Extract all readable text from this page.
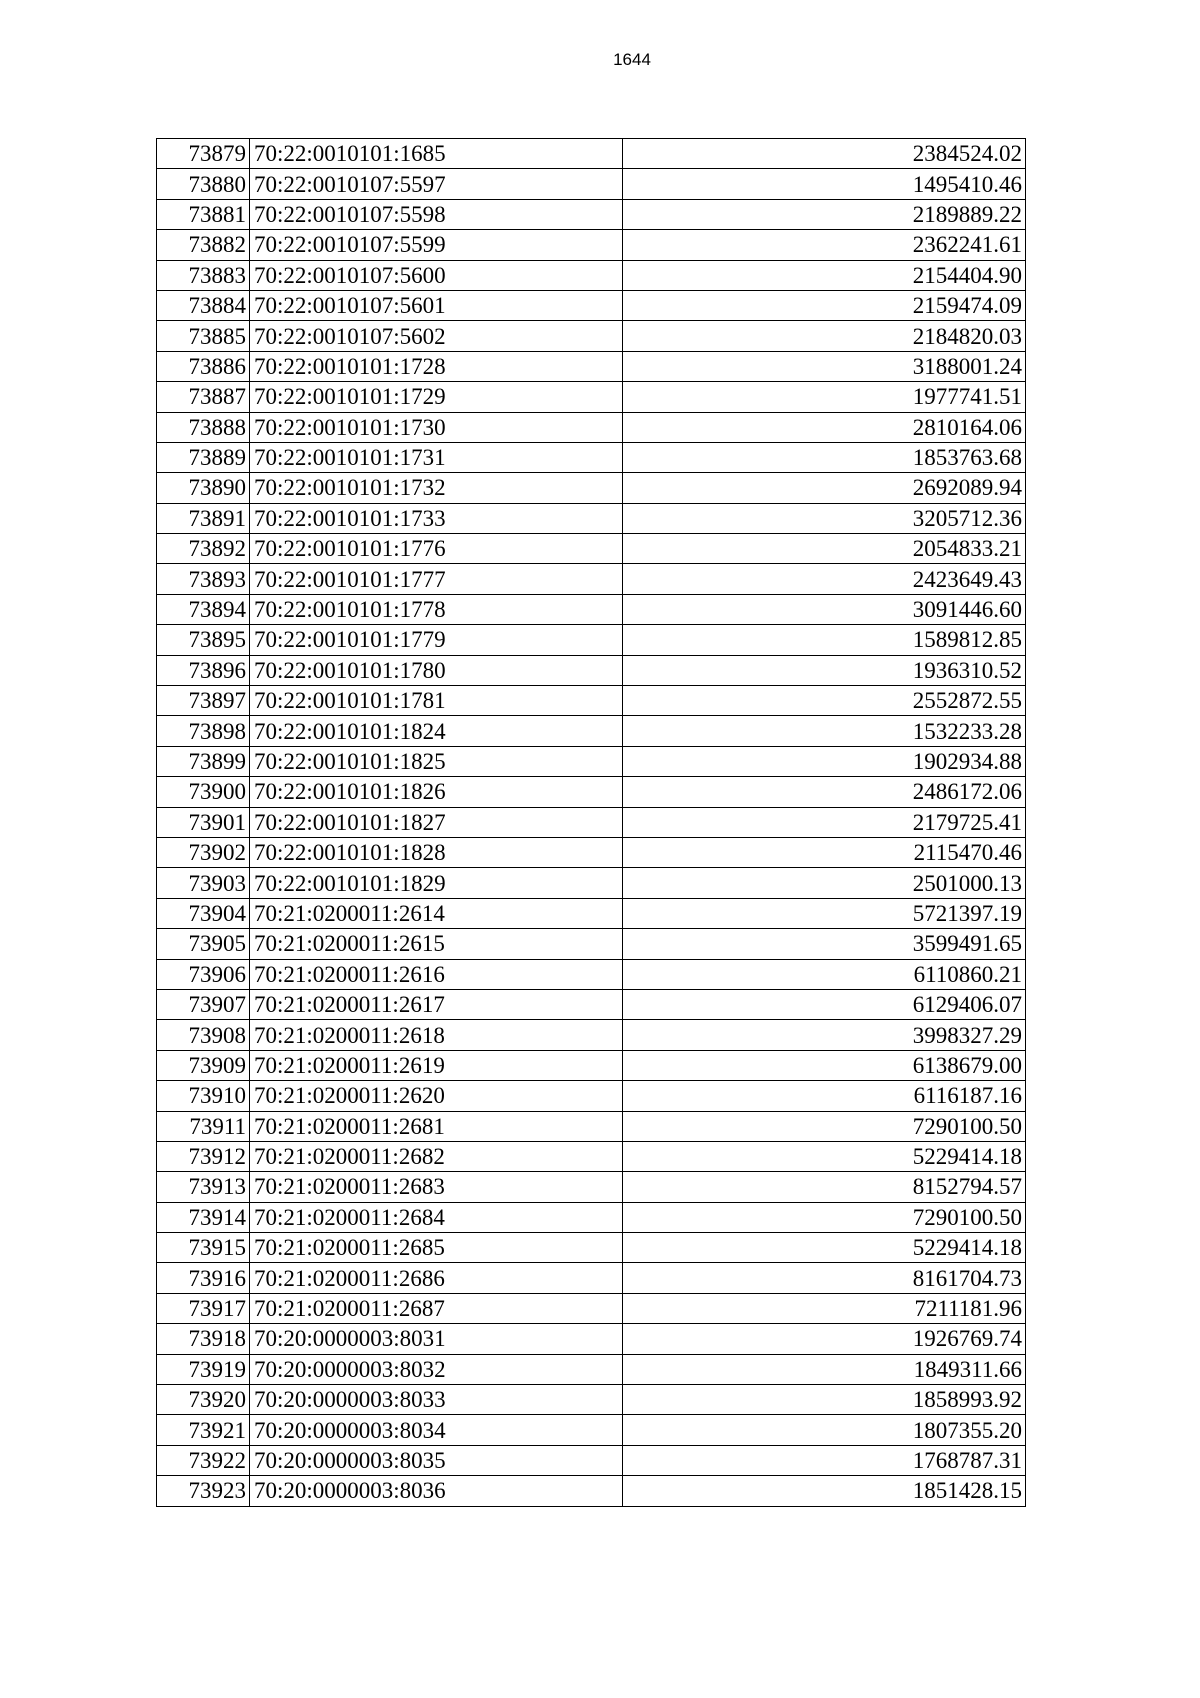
1644
73879	70:22:0010101:1685	2384524.02
73880	70:22:0010107:5597	1495410.46
73881	70:22:0010107:5598	2189889.22
73882	70:22:0010107:5599	2362241.61
73883	70:22:0010107:5600	2154404.90
73884	70:22:0010107:5601	2159474.09
73885	70:22:0010107:5602	2184820.03
73886	70:22:0010101:1728	3188001.24
73887	70:22:0010101:1729	1977741.51
73888	70:22:0010101:1730	2810164.06
73889	70:22:0010101:1731	1853763.68
73890	70:22:0010101:1732	2692089.94
73891	70:22:0010101:1733	3205712.36
73892	70:22:0010101:1776	2054833.21
73893	70:22:0010101:1777	2423649.43
73894	70:22:0010101:1778	3091446.60
73895	70:22:0010101:1779	1589812.85
73896	70:22:0010101:1780	1936310.52
73897	70:22:0010101:1781	2552872.55
73898	70:22:0010101:1824	1532233.28
73899	70:22:0010101:1825	1902934.88
73900	70:22:0010101:1826	2486172.06
73901	70:22:0010101:1827	2179725.41
73902	70:22:0010101:1828	2115470.46
73903	70:22:0010101:1829	2501000.13
73904	70:21:0200011:2614	5721397.19
73905	70:21:0200011:2615	3599491.65
73906	70:21:0200011:2616	6110860.21
73907	70:21:0200011:2617	6129406.07
73908	70:21:0200011:2618	3998327.29
73909	70:21:0200011:2619	6138679.00
73910	70:21:0200011:2620	6116187.16
73911	70:21:0200011:2681	7290100.50
73912	70:21:0200011:2682	5229414.18
73913	70:21:0200011:2683	8152794.57
73914	70:21:0200011:2684	7290100.50
73915	70:21:0200011:2685	5229414.18
73916	70:21:0200011:2686	8161704.73
73917	70:21:0200011:2687	7211181.96
73918	70:20:0000003:8031	1926769.74
73919	70:20:0000003:8032	1849311.66
73920	70:20:0000003:8033	1858993.92
73921	70:20:0000003:8034	1807355.20
73922	70:20:0000003:8035	1768787.31
73923	70:20:0000003:8036	1851428.15
